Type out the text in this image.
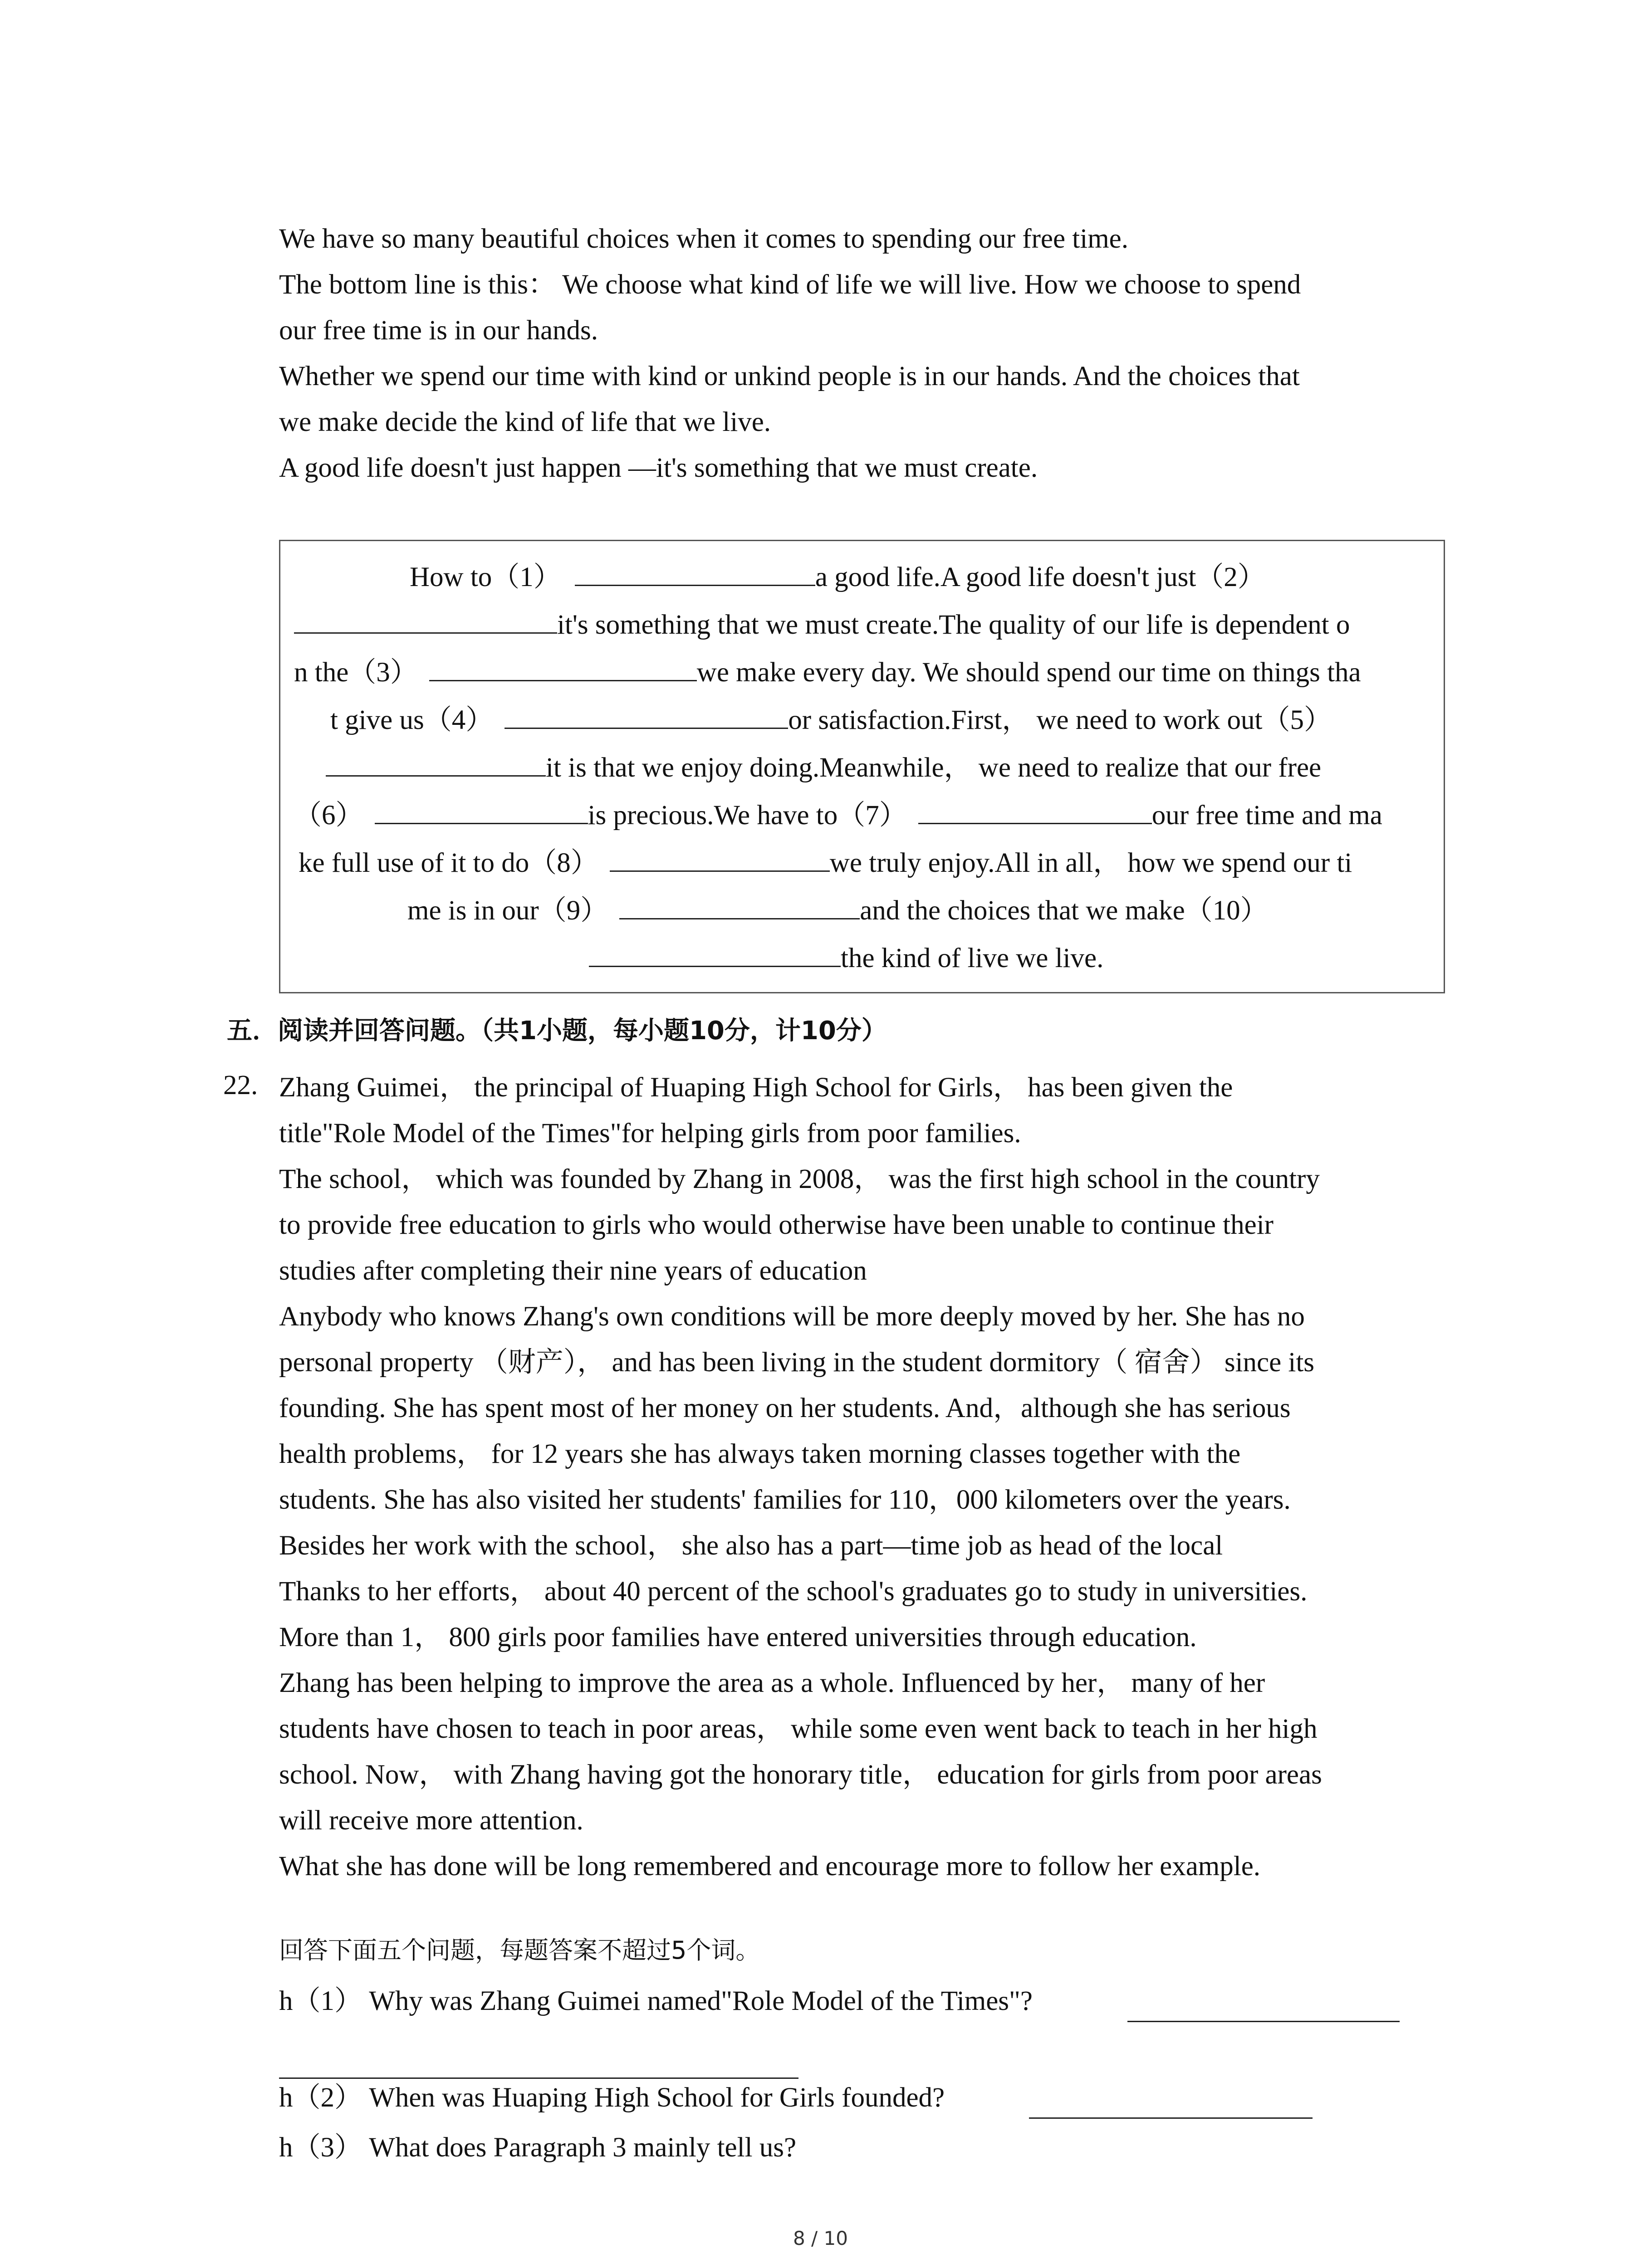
We have so many beautiful choices when it comes to spending our free time.
The bottom line is this： We choose what kind of life we will live. How we choose to spend
our free time is in our hands.
Whether we spend our time with kind or unkind people is in our hands. And the choices that
we make decide the kind of life that we live.
A good life doesn't just happen —it's something that we must create.
How to（1）	a good life.A good life doesn't just（2）
it's something that we must create.The quality of our life is dependent o
n the（3）	we make every day. We should spend our time on things tha
t give us（4）	or satisfaction.First， we need to work out（5）
it is that we enjoy doing.Meanwhile， we need to realize that our free
（6）	is precious.We have to（7）	our free time and ma
ke full use of it to do（8）	we truly enjoy.All in all， how we spend our ti
me is in our（9）	and the choices that we make（10）
the kind of live we live.
五．阅读并回答问题。（共1小题，每小题10分，计10分）
22. Zhang Guimei， the principal of Huaping High School for Girls， has been given the
title"Role Model of the Times"for helping girls from poor families.
The school， which was founded by Zhang in 2008， was the first high school in the country
to provide free education to girls who would otherwise have been unable to continue their
studies after completing their nine years of education
Anybody who knows Zhang's own conditions will be more deeply moved by her. She has no
personal property （财产）， and has been living in the student dormitory（ 宿舍） since its
founding. She has spent most of her money on her students. And，although she has serious
health problems， for 12 years she has always taken morning classes together with the
students. She has also visited her students' families for 110，000 kilometers over the years.
Besides her work with the school， she also has a part—time job as head of the local
Thanks to her efforts， about 40 percent of the school's graduates go to study in universities.
More than 1， 800 girls poor families have entered universities through education.
Zhang has been helping to improve the area as a whole. Influenced by her， many of her
students have chosen to teach in poor areas， while some even went back to teach in her high
school. Now， with Zhang having got the honorary title， education for girls from poor areas
will receive more attention.
What she has done will be long remembered and encourage more to follow her example.
回答下面五个问题，每题答案不超过5个词。
h（1） Why was Zhang Guimei named"Role Model of the Times"?
h（2） When was Huaping High School for Girls founded?
h（3） What does Paragraph 3 mainly tell us?
8 / 10
